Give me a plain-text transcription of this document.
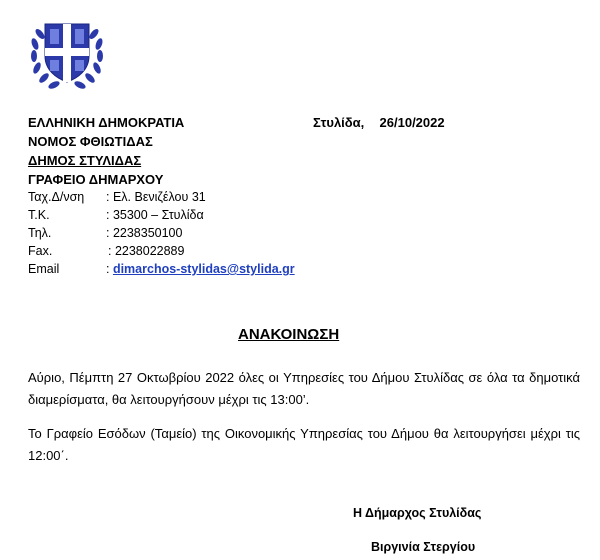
ΕΛΛΗΝΙΚΗ ΔΗΜΟΚΡΑΤΙΑ
ΝΟΜΟΣ ΦΘΙΩΤΙΔΑΣ
ΔΗΜΟΣ ΣΤΥΛΙΔΑΣ
ΓΡΑΦΕΙΟ ΔΗΜΑΡΧΟΥ
Στυλίδα, 26/10/2022
Ταχ.Δ/νση : Ελ. Βενιζέλου 31
Τ.Κ.	: 35300 – Στυλίδα
Τηλ.	: 2238350100
Fax.	: 2238022889
Email	: dimarchos-stylidas@stylida.gr
ΑΝΑΚΟΙΝΩΣΗ
Αύριο, Πέμπτη 27 Οκτωβρίου 2022 όλες οι Υπηρεσίες του Δήμου Στυλίδας σε όλα τα δημοτικά διαμερίσματα, θα λειτουργήσουν μέχρι τις 13:00’.
Το Γραφείο Εσόδων (Ταμείο) της Οικονομικής Υπηρεσίας του Δήμου θα λειτουργήσει μέχρι τις 12:00΄.
Η Δήμαρχος Στυλίδας
Βιργινία Στεργίου
